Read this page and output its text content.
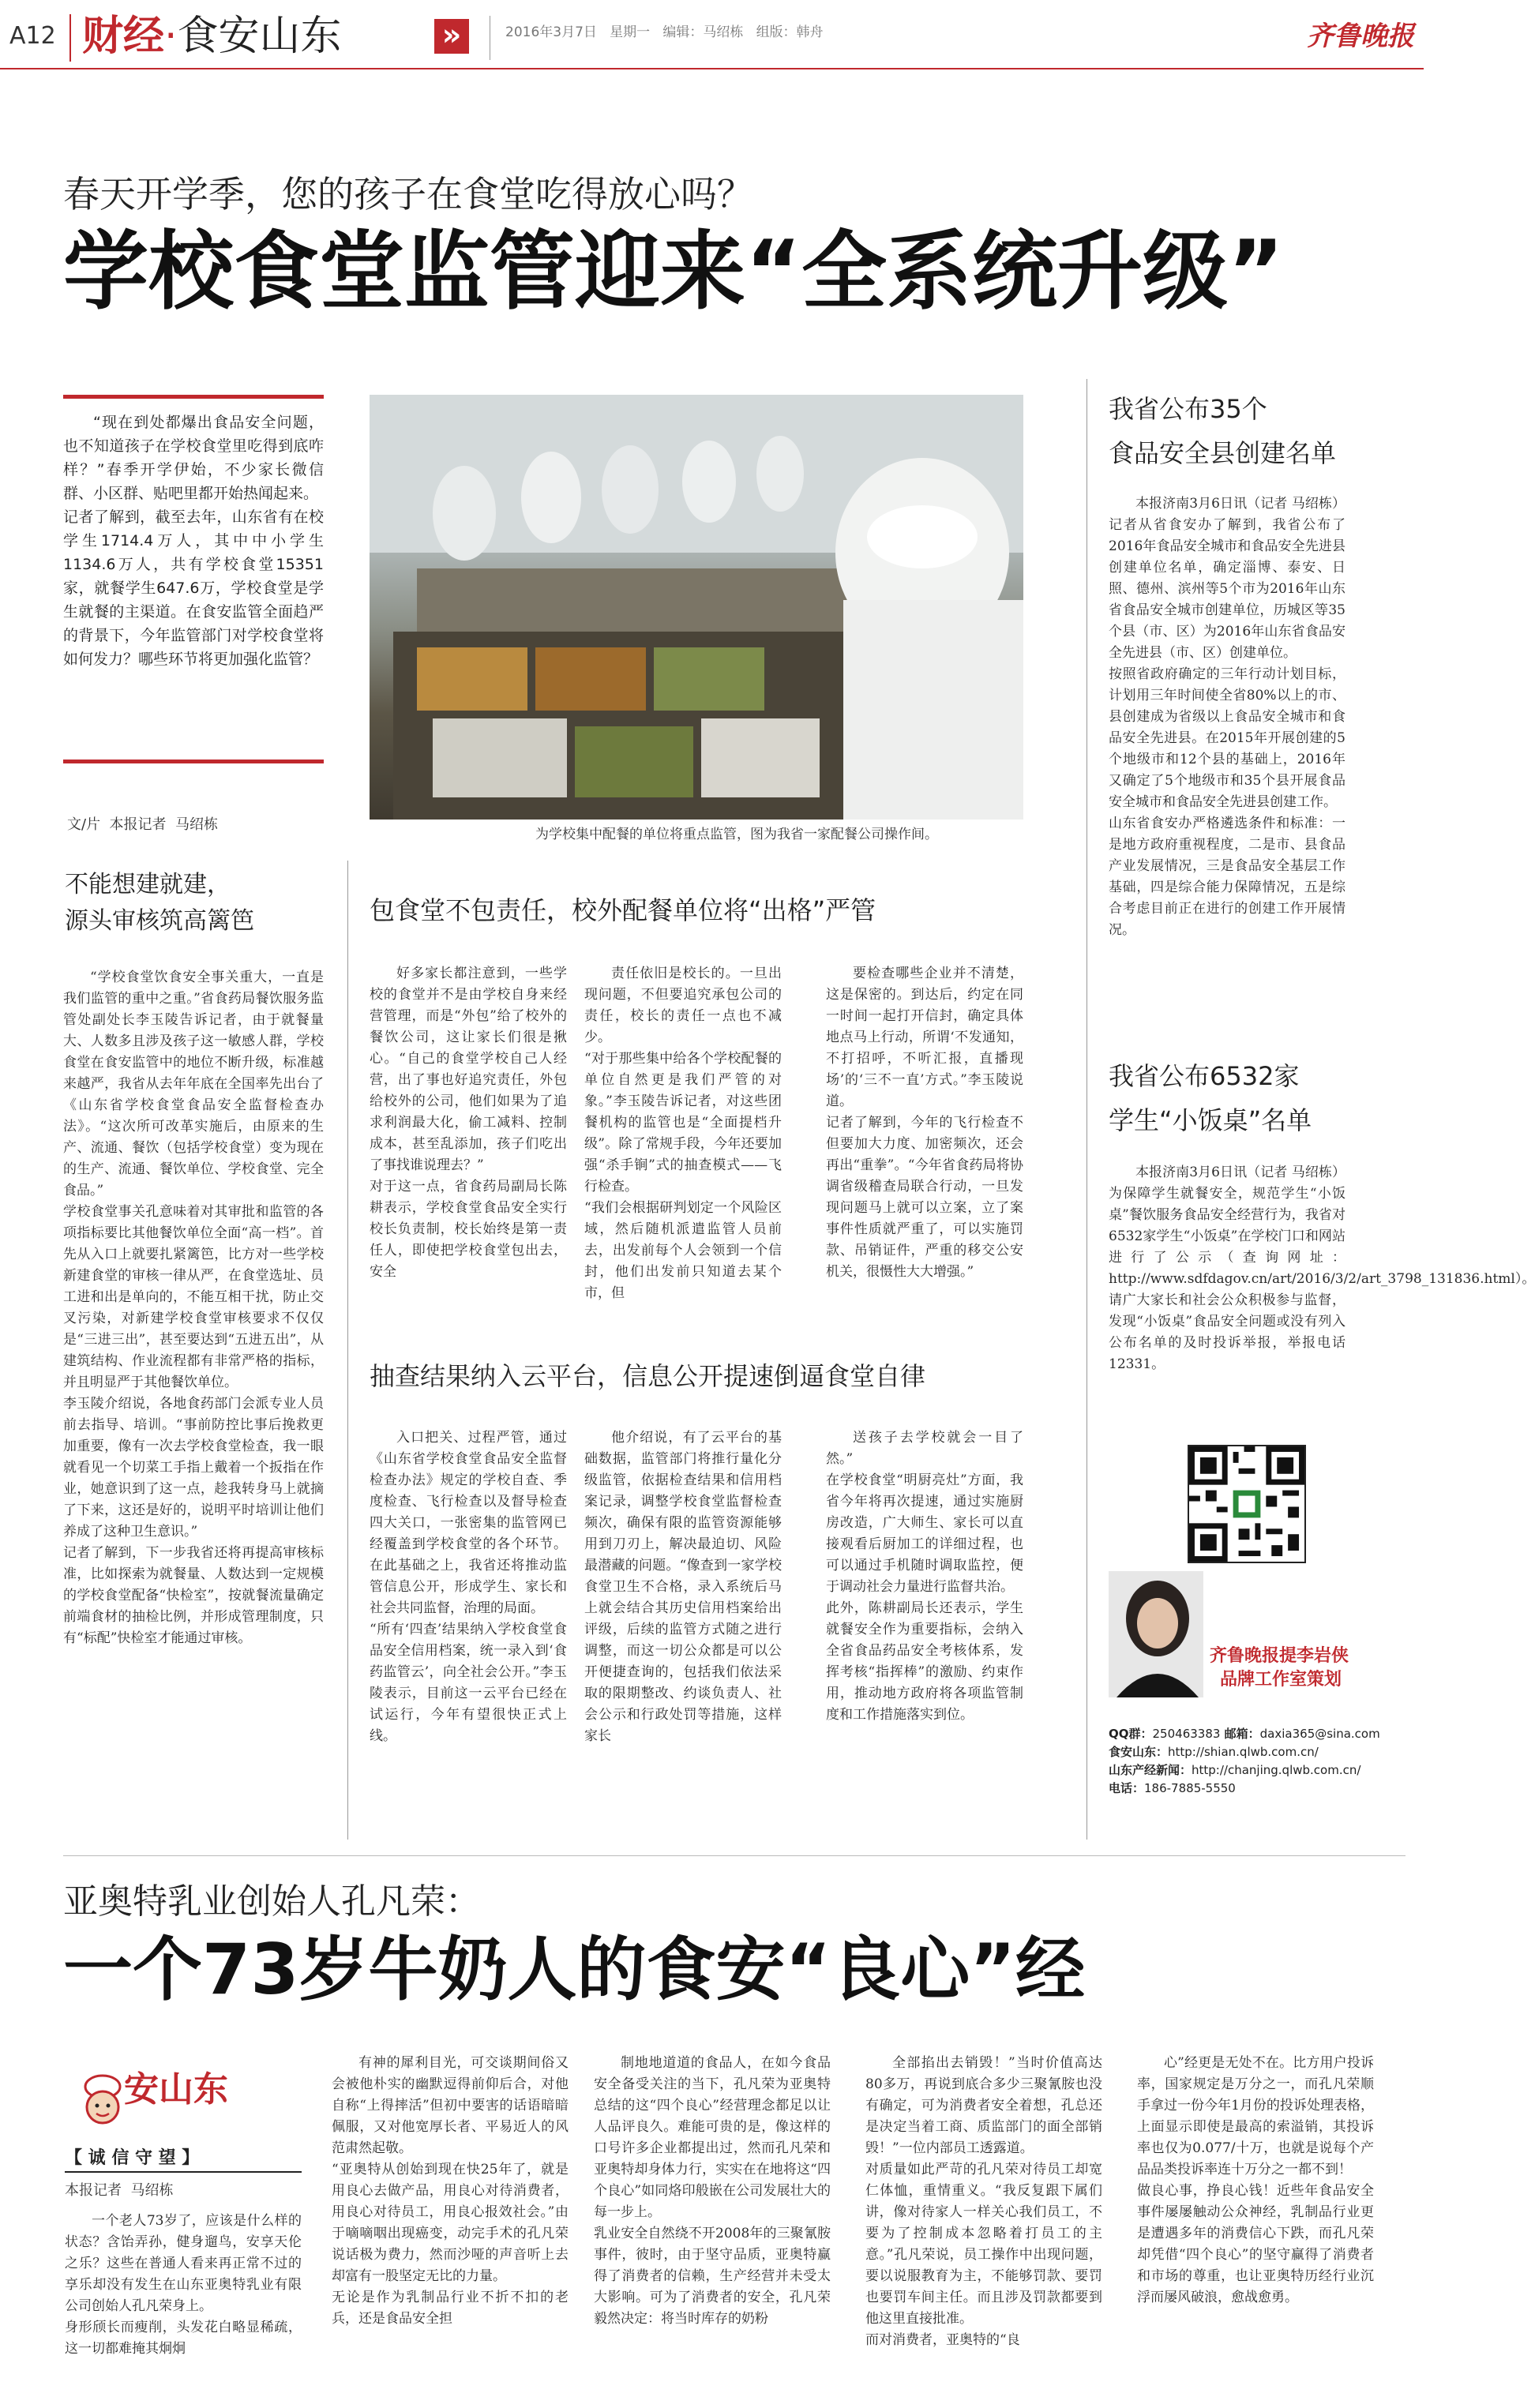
A12 财经·食安山东	»	2016年3月7日 星期一 编辑：马绍栋 组版：韩舟	齐鲁晚报
春天开学季，您的孩子在食堂吃得放心吗？
学校食堂监管迎来“全系统升级”
“现在到处都爆出食品安全问题，也不知道孩子在学校食堂里吃得到底咋样？”春季开学伊始，不少家长微信群、小区群、贴吧里都开始热闻起来。
记者了解到，截至去年，山东省有在校学生1714.4万人，其中中小学生1134.6万人，共有学校食堂15351家，就餐学生647.6万，学校食堂是学生就餐的主渠道。在食安监管全面趋严的背景下，今年监管部门对学校食堂将如何发力？哪些环节将更加强化监管？
文/片  本报记者  马绍栋
为学校集中配餐的单位将重点监管，图为我省一家配餐公司操作间。
不能想建就建，
源头审核筑高篱笆	包食堂不包责任，校外配餐单位将“出格”严管
抽查结果纳入云平台，信息公开提速倒逼食堂自律
“学校食堂饮食安全事关重大，一直是我们监管的重中之重。”省食药局餐饮服务监管处副处长李玉陵告诉记者，由于就餐量大、人数多且涉及孩子这一敏感人群，学校食堂在食安监管中的地位不断升级，标准越来越严，我省从去年年底在全国率先出台了《山东省学校食堂食品安全监督检查办法》。“这次所可改革实施后，由原来的生产、流通、餐饮（包括学校食堂）变为现在的生产、流通、餐饮单位、学校食堂、完全食品。”
学校食堂事关孔意味着对其审批和监管的各项指标要比其他餐饮单位全面“高一档”。首先从入口上就要扎紧篱笆，比方对一些学校新建食堂的审核一律从严，在食堂选址、员工进和出是单向的，不能互相干扰，防止交叉污染，对新建学校食堂审核要求不仅仅是“三进三出”，甚至要达到“五进五出”，从建筑结构、作业流程都有非常严格的指标，并且明显严于其他餐饮单位。
李玉陵介绍说，各地食药部门会派专业人员前去指导、培训。“事前防控比事后挽救更加重要，像有一次去学校食堂检查，我一眼就看见一个切菜工手指上戴着一个扳指在作业，她意识到了这一点，趁我转身马上就摘了下来，这还是好的，说明平时培训让他们养成了这种卫生意识。”
记者了解到，下一步我省还将再提高审核标准，比如探索为就餐量、人数达到一定规模的学校食堂配备“快检室”，按就餐流量确定前端食材的抽检比例，并形成管理制度，只有“标配”快检室才能通过审核。
好多家长都注意到，一些学校的食堂并不是由学校自身来经营管理，而是“外包”给了校外的餐饮公司，这让家长们很是揪心。“自己的食堂学校自己人经营，出了事也好追究责任，外包给校外的公司，他们如果为了追求利润最大化，偷工减料、控制成本，甚至乱添加，孩子们吃出了事找谁说理去？”
对于这一点，省食药局副局长陈耕表示，学校食堂食品安全实行校长负责制，校长始终是第一责任人，即使把学校食堂包出去，安全
责任依旧是校长的。一旦出现问题，不但要追究承包公司的责任，校长的责任一点也不减少。
“对于那些集中给各个学校配餐的单位自然更是我们严管的对象。”李玉陵告诉记者，对这些团餐机构的监管也是“全面提档升级”。除了常规手段，今年还要加强“杀手锏”式的抽查模式——飞行检查。
“我们会根据研判划定一个风险区域，然后随机派遣监管人员前去，出发前每个人会领到一个信封，他们出发前只知道去某个市，但
要检查哪些企业并不清楚，这是保密的。到达后，约定在同一时间一起打开信封，确定具体地点马上行动，所谓‘不发通知，不打招呼，不听汇报，直播现场’的‘三不一直’方式。”李玉陵说道。
记者了解到，今年的飞行检查不但要加大力度、加密频次，还会再出“重拳”。“今年省食药局将协调省级稽查局联合行动，一旦发现问题马上就可以立案，立了案事件性质就严重了，可以实施罚款、吊销证件，严重的移交公安机关，很慑性大大增强。”
入口把关、过程严管，通过《山东省学校食堂食品安全监督检查办法》规定的学校自查、季度检查、飞行检查以及督导检查四大关口，一张密集的监管网已经覆盖到学校食堂的各个环节。在此基础之上，我省还将推动监管信息公开，形成学生、家长和社会共同监督，治理的局面。
“所有‘四查’结果纳入学校食堂食品安全信用档案，统一录入到‘食药监管云’，向全社会公开。”李玉陵表示，目前这一云平台已经在试运行，今年有望很快正式上线。
他介绍说，有了云平台的基础数据，监管部门将推行量化分级监管，依据检查结果和信用档案记录，调整学校食堂监督检查频次，确保有限的监管资源能够用到刀刃上，解决最迫切、风险最潜藏的问题。“像查到一家学校食堂卫生不合格，录入系统后马上就会结合其历史信用档案给出评级，后续的监管方式随之进行调整，而这一切公众都是可以公开便捷查询的，包括我们依法采取的限期整改、约谈负责人、社会公示和行政处罚等措施，这样家长
送孩子去学校就会一目了然。”
在学校食堂“明厨亮灶”方面，我省今年将再次提速，通过实施厨房改造，广大师生、家长可以直接观看后厨加工的详细过程，也可以通过手机随时调取监控，便于调动社会力量进行监督共治。
此外，陈耕副局长还表示，学生就餐安全作为重要指标，会纳入全省食品药品安全考核体系，发挥考核“指挥棒”的激励、约束作用，推动地方政府将各项监管制度和工作措施落实到位。
我省公布35个
食品安全县创建名单
本报济南3月6日讯（记者 马绍栋） 记者从省食安办了解到，我省公布了2016年食品安全城市和食品安全先进县创建单位名单，确定淄博、泰安、日照、德州、滨州等5个市为2016年山东省食品安全城市创建单位，历城区等35个县（市、区）为2016年山东省食品安全先进县（市、区）创建单位。
按照省政府确定的三年行动计划目标，计划用三年时间使全省80%以上的市、县创建成为省级以上食品安全城市和食品安全先进县。在2015年开展创建的5个地级市和12个县的基础上，2016年又确定了5个地级市和35个县开展食品安全城市和食品安全先进县创建工作。
山东省食安办严格遴选条件和标准：一是地方政府重视程度，二是市、县食品产业发展情况，三是食品安全基层工作基础，四是综合能力保障情况，五是综合考虑目前正在进行的创建工作开展情况。
我省公布6532家
学生“小饭桌”名单
本报济南3月6日讯（记者 马绍栋） 为保障学生就餐安全，规范学生“小饭桌”餐饮服务食品安全经营行为，我省对6532家学生“小饭桌”在学校门口和网站进行了公示（查询网址：http://www.sdfdagov.cn/art/2016/3/2/art_3798_131836.html）。请广大家长和社会公众积极参与监督，发现“小饭桌”食品安全问题或没有列入公布名单的及时投诉举报，举报电话12331。
齐鲁晚报提李岩侠
品牌工作室策划
QQ群：250463383 邮箱：daxia365@sina.com
食安山东：http://shian.qlwb.com.cn/
山东产经新闻：http://chanjing.qlwb.com.cn/
电话：186-7885-5550
亚奥特乳业创始人孔凡荣：
一个73岁牛奶人的食安“良心”经
安山东
【 诚 信 守 望 】
本报记者  马绍栋
一个老人73岁了，应该是什么样的状态？含饴弄孙，健身遛鸟，安享天伦之乐？这些在普通人看来再正常不过的享乐却没有发生在山东亚奥特乳业有限公司创始人孔凡荣身上。
身形颀长而瘦削，头发花白略显稀疏，这一切都难掩其炯炯
有神的犀利目光，可交谈期间俗又会被他朴实的幽默逗得前仰后合，对他自称“上得摔活”但初中要害的话语暗暗佩服，又对他宽厚长者、平易近人的风范肃然起敬。
“亚奥特从创始到现在快25年了，就是用良心去做产品，用良心对待消费者，用良心对待员工，用良心报效社会。”由于嘀嘀咽出现癌变，动完手术的孔凡荣说话极为费力，然而沙哑的声音听上去却富有一股坚定无比的力量。
无论是作为乳制品行业不折不扣的老兵，还是食品安全担
制地地道道的食品人，在如今食品安全备受关注的当下，孔凡荣为亚奥特总结的这“四个良心”经营理念都足以让人品评良久。难能可贵的是，像这样的口号许多企业都提出过，然而孔凡荣和亚奥特却身体力行，实实在在地将这“四个良心”如同烙印般嵌在公司发展壮大的每一步上。
乳业安全自然绕不开2008年的三聚氰胺事件，彼时，由于坚守品质，亚奥特赢得了消费者的信赖，生产经营并未受太大影响。可为了消费者的安全，孔凡荣毅然决定：将当时库存的奶粉
全部掐出去销毁！”当时价值高达80多万，再说到底合多少三聚氰胺也没有确定，可为消费者安全着想，孔总还是决定当着工商、质监部门的面全部销毁！”一位内部员工透露道。
对质量如此严苛的孔凡荣对待员工却宽仁体恤，重情重义。“我反复跟下属们讲，像对待家人一样关心我们员工，不要为了控制成本忽略着打员工的主意。”孔凡荣说，员工操作中出现问题，要以说服教育为主，不能够罚款、要罚也要罚车间主任。而且涉及罚款都要到他这里直接批准。
而对消费者，亚奥特的“良
心”经更是无处不在。比方用户投诉率，国家规定是万分之一，而孔凡荣顺手拿过一份今年1月份的投诉处理表格，上面显示即使是最高的索溢销，其投诉率也仅为0.077/十万，也就是说每个产品品类投诉率连十万分之一都不到！
做良心事，挣良心钱！近些年食品安全事件屡屡触动公众神经，乳制品行业更是遭遇多年的消费信心下跌，而孔凡荣却凭借“四个良心”的坚守赢得了消费者和市场的尊重，也让亚奥特历经行业沉浮而屡风破浪，愈战愈勇。
